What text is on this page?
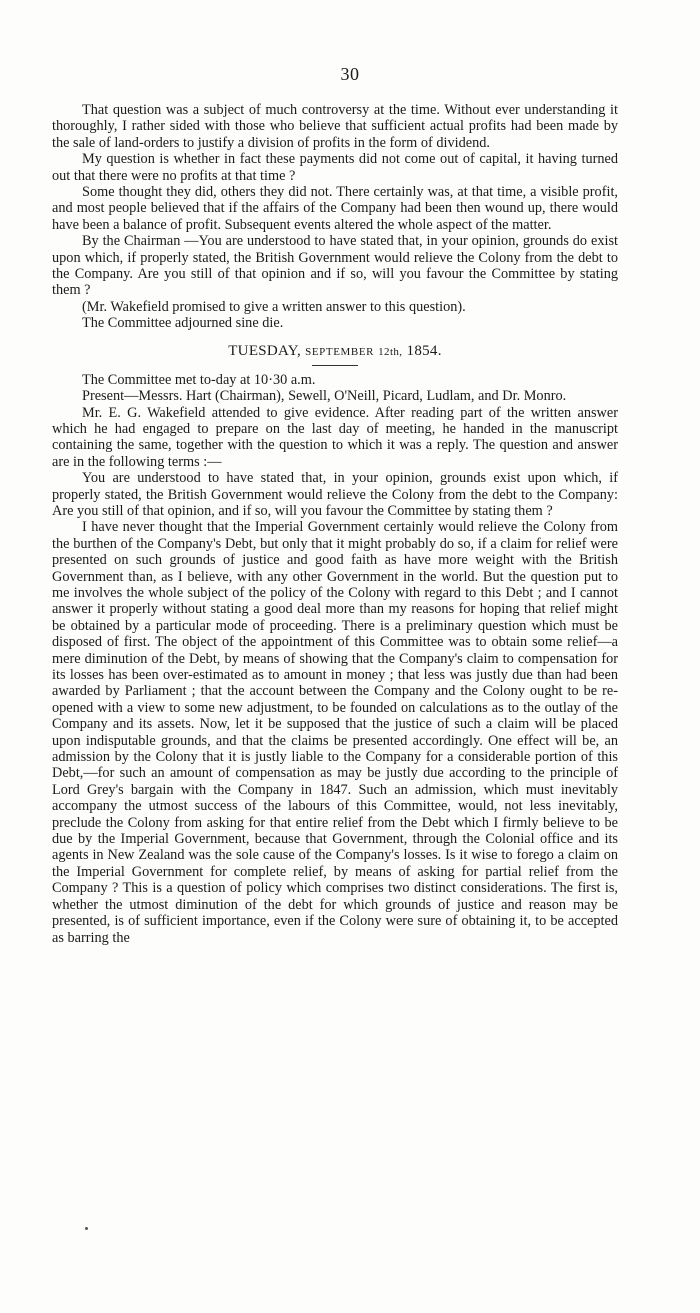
30

That question was a subject of much controversy at the time. Without ever understanding it thoroughly, I rather sided with those who believe that sufficient actual profits had been made by the sale of land-orders to justify a division of profits in the form of dividend.

My question is whether in fact these payments did not come out of capital, it having turned out that there were no profits at that time ?

Some thought they did, others they did not. There certainly was, at that time, a visible profit, and most people believed that if the affairs of the Company had been then wound up, there would have been a balance of profit. Subsequent events altered the whole aspect of the matter.

By the Chairman —You are understood to have stated that, in your opinion, grounds do exist upon which, if properly stated, the British Government would relieve the Colony from the debt to the Company. Are you still of that opinion and if so, will you favour the Committee by stating them ?

(Mr. Wakefield promised to give a written answer to this question).

The Committee adjourned sine die.

TUESDAY, SEPTEMBER 12th, 1854.

The Committee met to-day at 10·30 a.m.

Present—Messrs. Hart (Chairman), Sewell, O'Neill, Picard, Ludlam, and Dr. Monro.

Mr. E. G. Wakefield attended to give evidence. After reading part of the written answer which he had engaged to prepare on the last day of meeting, he handed in the manuscript containing the same, together with the question to which it was a reply. The question and answer are in the following terms :—

You are understood to have stated that, in your opinion, grounds exist upon which, if properly stated, the British Government would relieve the Colony from the debt to the Company: Are you still of that opinion, and if so, will you favour the Committee by stating them ?

I have never thought that the Imperial Government certainly would relieve the Colony from the burthen of the Company's Debt, but only that it might probably do so, if a claim for relief were presented on such grounds of justice and good faith as have more weight with the British Government than, as I believe, with any other Government in the world. But the question put to me involves the whole subject of the policy of the Colony with regard to this Debt ; and I cannot answer it properly without stating a good deal more than my reasons for hoping that relief might be obtained by a particular mode of proceeding. There is a preliminary question which must be disposed of first. The object of the appointment of this Committee was to obtain some relief—a mere diminution of the Debt, by means of showing that the Company's claim to compensation for its losses has been over-estimated as to amount in money ; that less was justly due than had been awarded by Parliament ; that the account between the Company and the Colony ought to be re-opened with a view to some new adjustment, to be founded on calculations as to the outlay of the Company and its assets. Now, let it be supposed that the justice of such a claim will be placed upon indisputable grounds, and that the claims be presented accordingly. One effect will be, an admission by the Colony that it is justly liable to the Company for a considerable portion of this Debt,—for such an amount of compensation as may be justly due according to the principle of Lord Grey's bargain with the Company in 1847. Such an admission, which must inevitably accompany the utmost success of the labours of this Committee, would, not less inevitably, preclude the Colony from asking for that entire relief from the Debt which I firmly believe to be due by the Imperial Government, because that Government, through the Colonial office and its agents in New Zealand was the sole cause of the Company's losses. Is it wise to forego a claim on the Imperial Government for complete relief, by means of asking for partial relief from the Company ? This is a question of policy which comprises two distinct considerations. The first is, whether the utmost diminution of the debt for which grounds of justice and reason may be presented, is of sufficient importance, even if the Colony were sure of obtaining it, to be accepted as barring the
